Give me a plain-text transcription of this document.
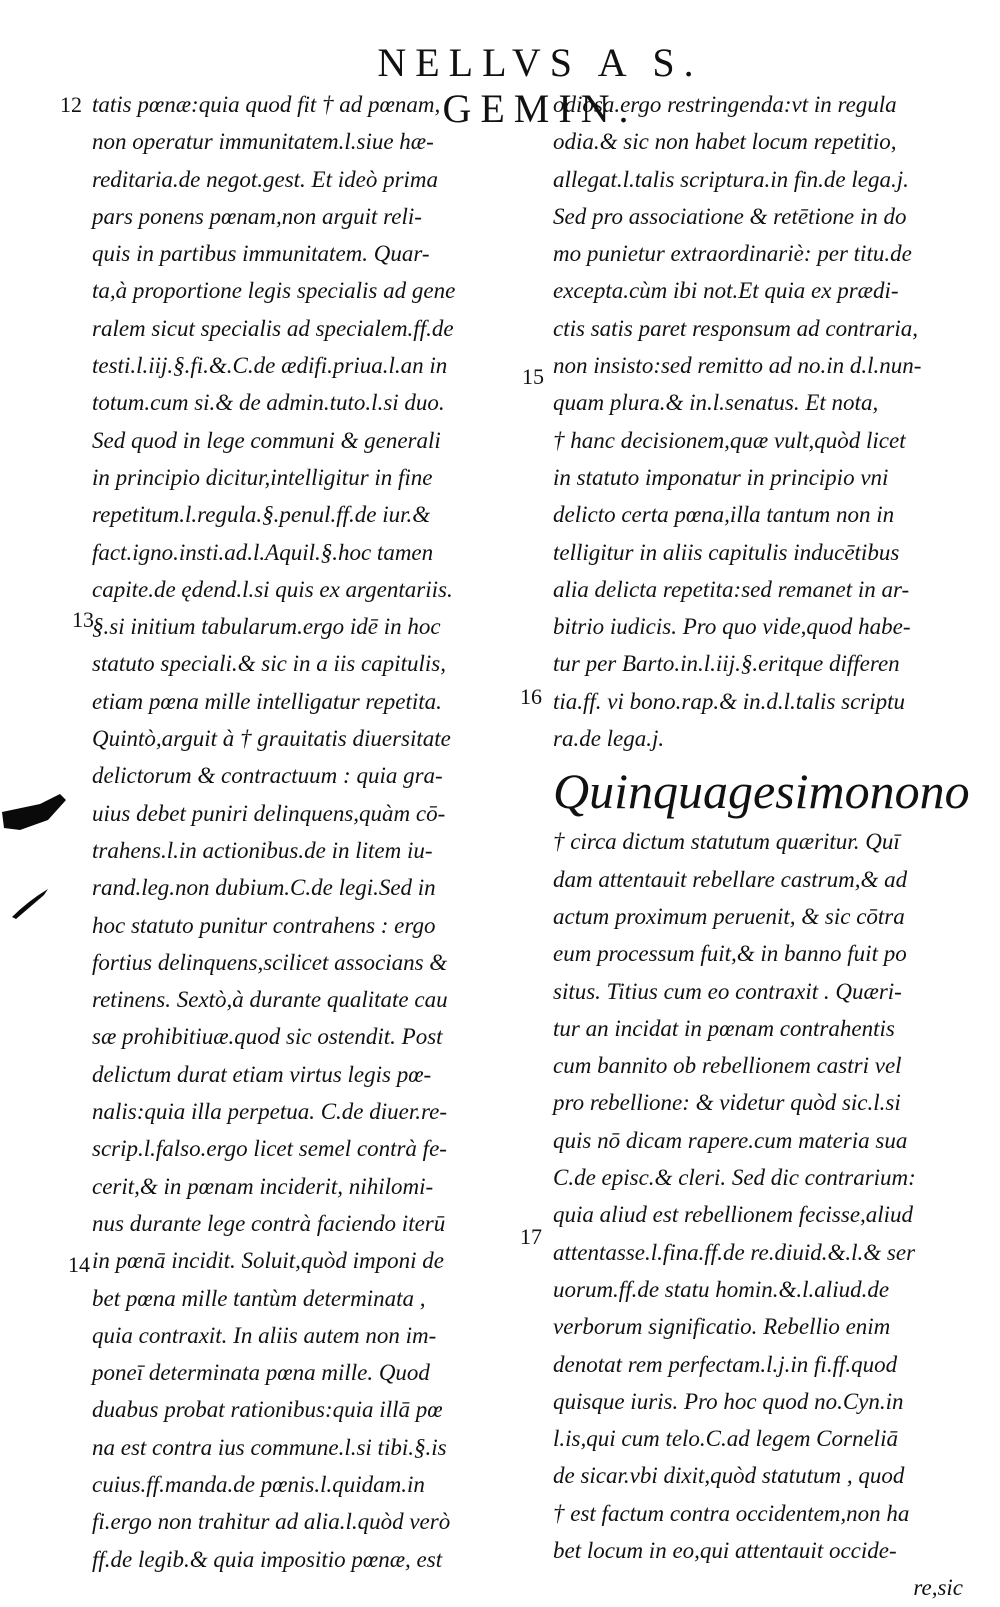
NELLVS A S. GEMIN.
tatis pœnæ:quia quod fit † ad pœnam,
non operatur immunitatem.l.siue hæ-
reditaria.de negot.gest. Et ideò prima
pars ponens pœnam,non arguit reli-
quis in partibus immunitatem. Quar-
ta,à proportione legis specialis ad gene
ralem sicut specialis ad specialem.ff.de
testi.l.iij.§.fi.&.C.de ædifi.priua.l.an in
totum.cum si.& de admin.tuto.l.si duo.
Sed quod in lege communi & generali
in principio dicitur,intelligitur in fine
repetitum.l.regula.§.penul.ff.de iur.&
fact.igno.insti.ad.l.Aquil.§.hoc tamen
capite.de ędend.l.si quis ex argentariis.
§.si initium tabularum.ergo idē in hoc
statuto speciali.& sic in a iis capitulis,
etiam pœna mille intelligatur repetita.
Quintò,arguit à † grauitatis diuersitate
delictorum & contractuum : quia gra-
uius debet puniri delinquens,quàm cō-
trahens.l.in actionibus.de in litem iu-
rand.leg.non dubium.C.de legi.Sed in
hoc statuto punitur contrahens : ergo
fortius delinquens,scilicet associans &
retinens. Sextò,à durante qualitate cau
sæ prohibitiuæ.quod sic ostendit. Post
delictum durat etiam virtus legis pœ-
nalis:quia illa perpetua. C.de diuer.re-
scrip.l.falso.ergo licet semel contrà fe-
cerit,& in pœnam inciderit, nihilomi-
nus durante lege contrà faciendo iterū
in pœnā incidit. Soluit,quòd imponi de
bet pœna mille tantùm determinata ,
quia contraxit. In aliis autem non im-
poneī determinata pœna mille. Quod
duabus probat rationibus:quia illā pœ
na est contra ius commune.l.si tibi.§.is
cuius.ff.manda.de pœnis.l.quidam.in
fi.ergo non trahitur ad alia.l.quòd verò
ff.de legib.& quia impositio pœnæ, est
12
13
14
odiosa.ergo restringenda:vt in regula
odia.& sic non habet locum repetitio,
allegat.l.talis scriptura.in fin.de lega.j.
Sed pro associatione & retētione in do
mo punietur extraordinariè: per titu.de
excepta.cùm ibi not.Et quia ex prædi-
ctis satis paret responsum ad contraria,
non insisto:sed remitto ad no.in d.l.nun-
quam plura.& in.l.senatus. Et nota,
† hanc decisionem,quæ vult,quòd licet
in statuto imponatur in principio vni
delicto certa pœna,illa tantum non in
telligitur in aliis capitulis inducētibus
alia delicta repetita:sed remanet in ar-
bitrio iudicis. Pro quo vide,quod habe-
tur per Barto.in.l.iij.§.eritque differen
tia.ff. vi bono.rap.& in.d.l.talis scriptu
ra.de lega.j.
Quinquagesimonono
† circa dictum statutum quæritur. Quī
dam attentauit rebellare castrum,& ad
actum proximum peruenit, & sic cōtra
eum processum fuit,& in banno fuit po
situs. Titius cum eo contraxit . Quæri-
tur an incidat in pœnam contrahentis
cum bannito ob rebellionem castri vel
pro rebellione: & videtur quòd sic.l.si
quis nō dicam rapere.cum materia sua
C.de episc.& cleri. Sed dic contrarium:
quia aliud est rebellionem fecisse,aliud
attentasse.l.fina.ff.de re.diuid.&.l.& ser
uorum.ff.de statu homin.&.l.aliud.de
verborum significatio. Rebellio enim
denotat rem perfectam.l.j.in fi.ff.quod
quisque iuris. Pro hoc quod no.Cyn.in
l.is,qui cum telo.C.ad legem Corneliā
de sicar.vbi dixit,quòd statutum , quod
† est factum contra occidentem,non ha
bet locum in eo,qui attentauit occide-
re,sic
15
16
17
